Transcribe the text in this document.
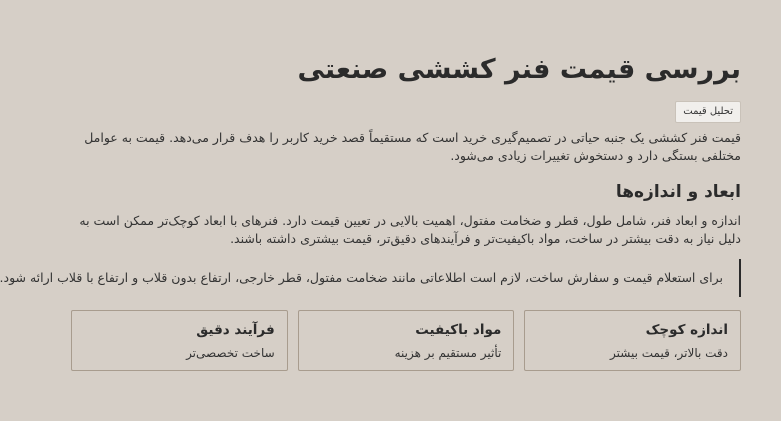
بررسی قیمت فنر کششی صنعتی
تحلیل قیمت

قیمت فنر کششی یک جنبه حیاتی در تصمیم‌گیری خرید است که مستقیماً قصد خرید کاربر را هدف قرار می‌دهد. قیمت به عوامل مختلفی بستگی دارد و دستخوش تغییرات زیادی می‌شود.

ابعاد و اندازه‌ها

اندازه و ابعاد فنر، شامل طول، قطر و ضخامت مفتول، اهمیت بالایی در تعیین قیمت دارد. فنرهای با ابعاد کوچک‌تر ممکن است به دلیل نیاز به دقت بیشتر در ساخت، مواد باکیفیت‌تر و فرآیندهای دقیق‌تر، قیمت بیشتری داشته باشند.

برای استعلام قیمت و سفارش ساخت، لازم است اطلاعاتی مانند ضخامت مفتول، قطر خارجی، ارتفاع بدون قلاب و ارتفاع با قلاب ارائه شود.

اندازه کوچک

دقت بالاتر، قیمت بیشتر

مواد باکیفیت

تأثیر مستقیم بر هزینه

فرآیند دقیق

ساخت تخصصی‌تر
